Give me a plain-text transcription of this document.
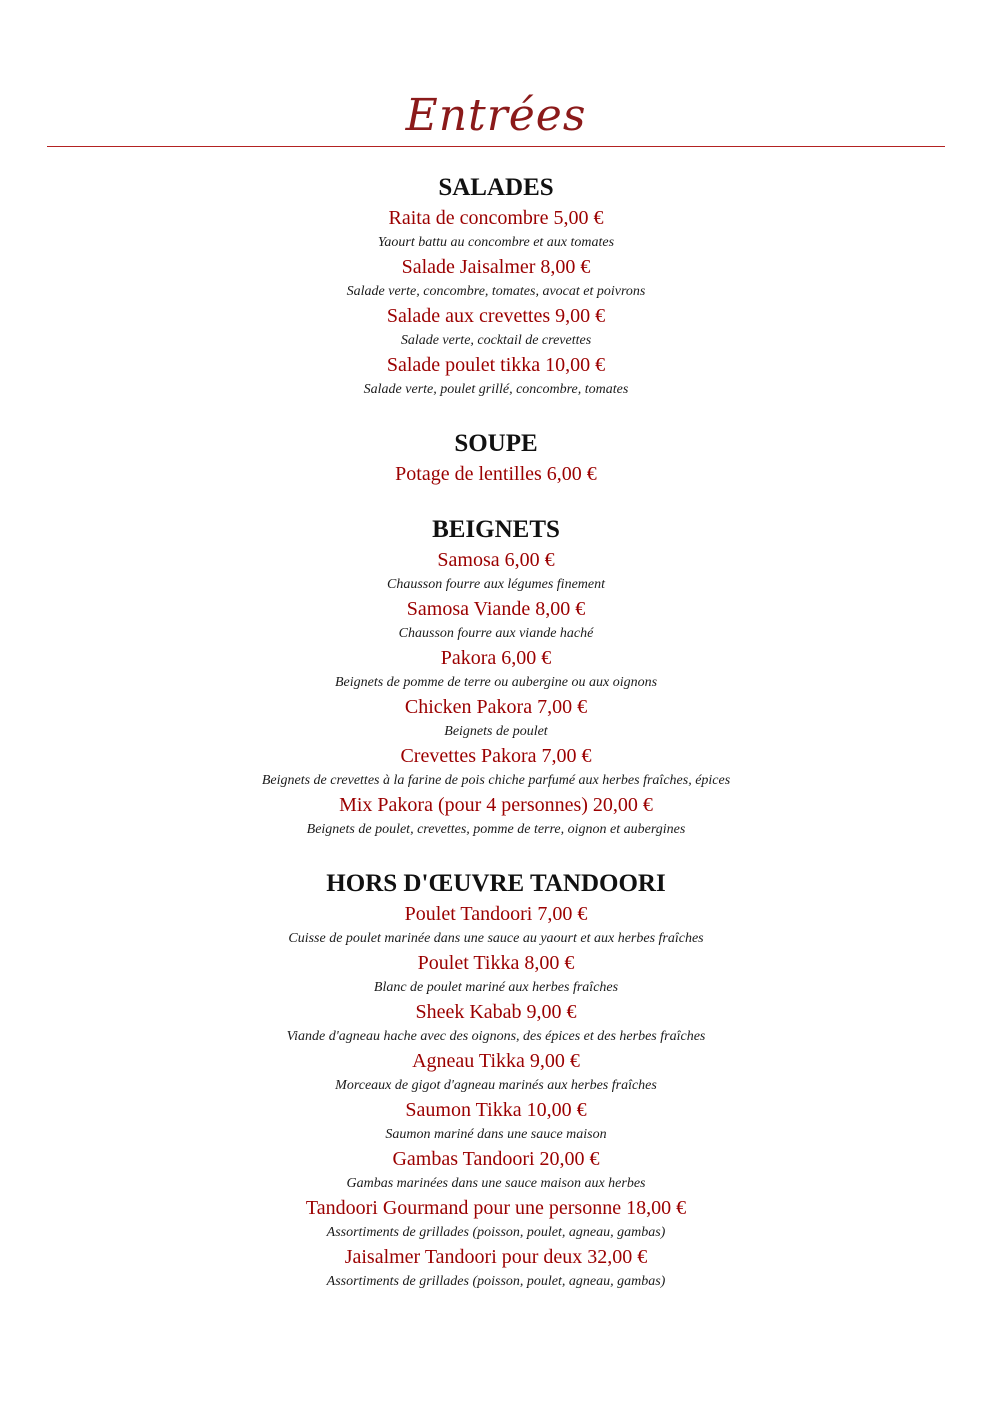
Entrées
SALADES
Raita de concombre 5,00 €
Yaourt battu au concombre et aux tomates
Salade Jaisalmer 8,00 €
Salade verte, concombre, tomates, avocat et poivrons
Salade aux crevettes 9,00 €
Salade verte, cocktail de crevettes
Salade poulet tikka 10,00 €
Salade verte, poulet grillé, concombre, tomates
SOUPE
Potage de lentilles 6,00 €
BEIGNETS
Samosa 6,00 €
Chausson fourre aux légumes finement
Samosa Viande 8,00 €
Chausson fourre aux viande haché
Pakora 6,00 €
Beignets de pomme de terre ou aubergine ou aux oignons
Chicken Pakora 7,00 €
Beignets de poulet
Crevettes Pakora 7,00 €
Beignets de crevettes à la farine de pois chiche parfumé aux herbes fraîches, épices
Mix Pakora (pour 4 personnes) 20,00 €
Beignets de poulet, crevettes, pomme de terre, oignon et aubergines
HORS D'ŒUVRE TANDOORI
Poulet Tandoori 7,00 €
Cuisse de poulet marinée dans une sauce au yaourt et aux herbes fraîches
Poulet Tikka 8,00 €
Blanc de poulet mariné aux herbes fraîches
Sheek Kabab 9,00 €
Viande d'agneau hache avec des oignons, des épices et des herbes fraîches
Agneau Tikka 9,00 €
Morceaux de gigot d'agneau marinés aux herbes fraîches
Saumon Tikka 10,00 €
Saumon mariné dans une sauce maison
Gambas Tandoori 20,00 €
Gambas marinées dans une sauce maison aux herbes
Tandoori Gourmand pour une personne 18,00 €
Assortiments de grillades (poisson, poulet, agneau, gambas)
Jaisalmer Tandoori pour deux 32,00 €
Assortiments de grillades (poisson, poulet, agneau, gambas)
